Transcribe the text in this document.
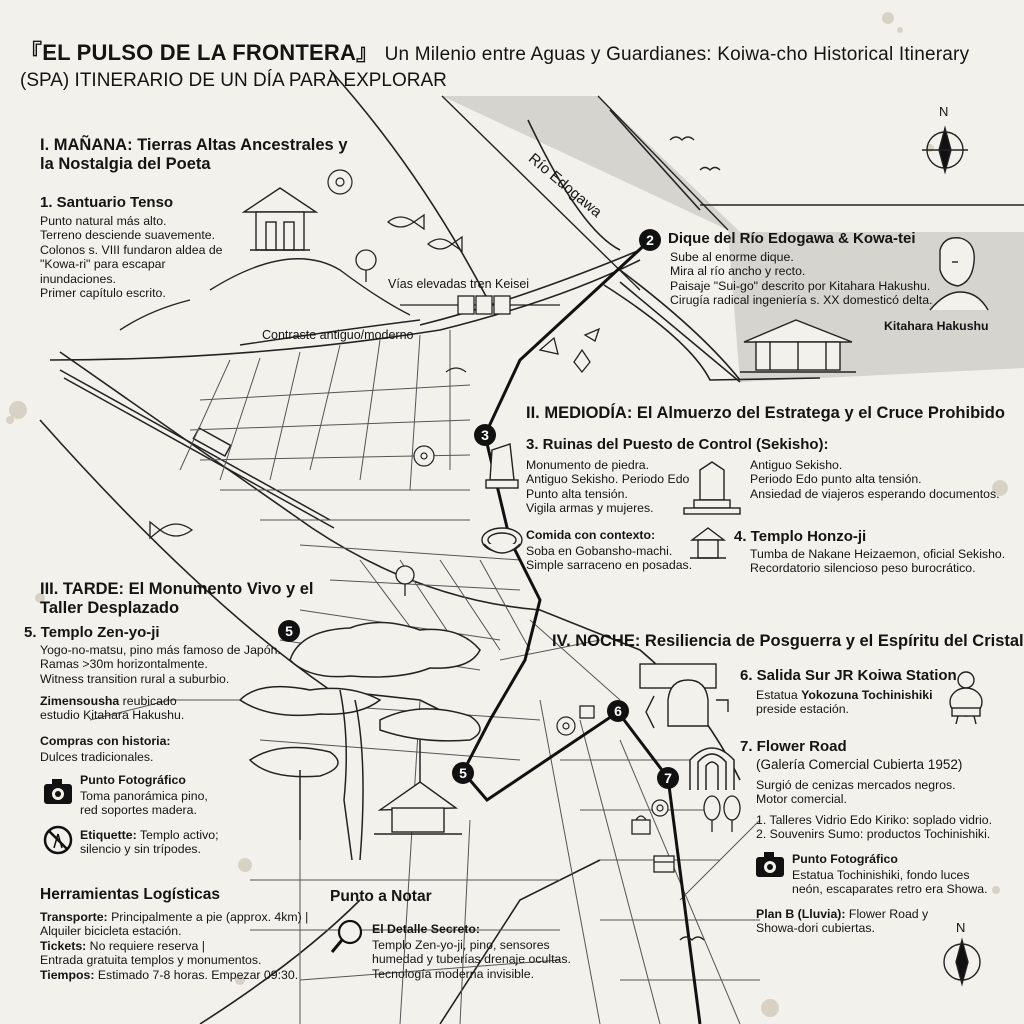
『EL PULSO DE LA FRONTERA』 Un Milenio entre Aguas y Guardianes: Koiwa-cho Historical Itinerary
(SPA) ITINERARIO DE UN DÍA PARA EXPLORAR
Río Edogawa
Vías elevadas tren Keisei
Contraste antiguo/moderno
N
N
I. MAÑANA: Tierras Altas Ancestrales y
la Nostalgia del Poeta
1. Santuario Tenso
Punto natural más alto.
Terreno desciende suavemente.
Colonos s. VIII fundaron aldea de
"Kowa-ri" para escapar
inundaciones.
Primer capítulo escrito.
2 Dique del Río Edogawa & Kowa-tei
Sube al enorme dique.
Mira al río ancho y recto.
Paisaje "Sui-go" descrito por Kitahara Hakushu.
Cirugía radical ingeniería s. XX domesticó delta.
Kitahara Hakushu
II. MEDIODÍA: El Almuerzo del Estratega y el Cruce Prohibido
3
3. Ruinas del Puesto de Control (Sekisho):
Monumento de piedra.
Antiguo Sekisho. Periodo Edo
Punto alta tensión.
Vigila armas y mujeres.
Antiguo Sekisho.
Periodo Edo punto alta tensión.
Ansiedad de viajeros esperando documentos.
Comida con contexto:
Soba en Gobansho-machi.
Simple sarraceno en posadas.
4. Templo Honzo-ji
Tumba de Nakane Heizaemon, oficial Sekisho.
Recordatorio silencioso peso burocrático.
III. TARDE: El Monumento Vivo y el
Taller Desplazado
5
5. Templo Zen-yo-ji
Yogo-no-matsu, pino más famoso de Japón.
Ramas >30m horizontalmente.
Witness transition rural a suburbio.
Zimensousha reubicado
estudio Kitahara Hakushu.
Compras con historia:
Dulces tradicionales.
Punto Fotográfico
Toma panorámica pino,
red soportes madera.
Etiquette: Templo activo;
silencio y sin trípodes.
IV. NOCHE: Resiliencia de Posguerra y el Espíritu del Cristal
6. Salida Sur JR Koiwa Station
Estatua Yokozuna Tochinishiki
preside estación.
7. Flower Road
(Galería Comercial Cubierta 1952)
Surgió de cenizas mercados negros.
Motor comercial.
1. Talleres Vidrio Edo Kiriko: soplado vidrio.
2. Souvenirs Sumo: productos Tochinishiki.
Punto Fotográfico
Estatua Tochinishiki, fondo luces
neón, escaparates retro era Showa.
Plan B (Lluvia): Flower Road y
Showa-dori cubiertas.
5
6
7
Herramientas Logísticas
Transporte: Principalmente a pie (approx. 4km) |
Alquiler bicicleta estación.
Tickets: No requiere reserva |
Entrada gratuita templos y monumentos.
Tiempos: Estimado 7-8 horas. Empezar 09:30.
Punto a Notar
El Detalle Secreto:
Templo Zen-yo-ji, pino, sensores
humedad y tuberías drenaje ocultas.
Tecnología moderna invisible.
